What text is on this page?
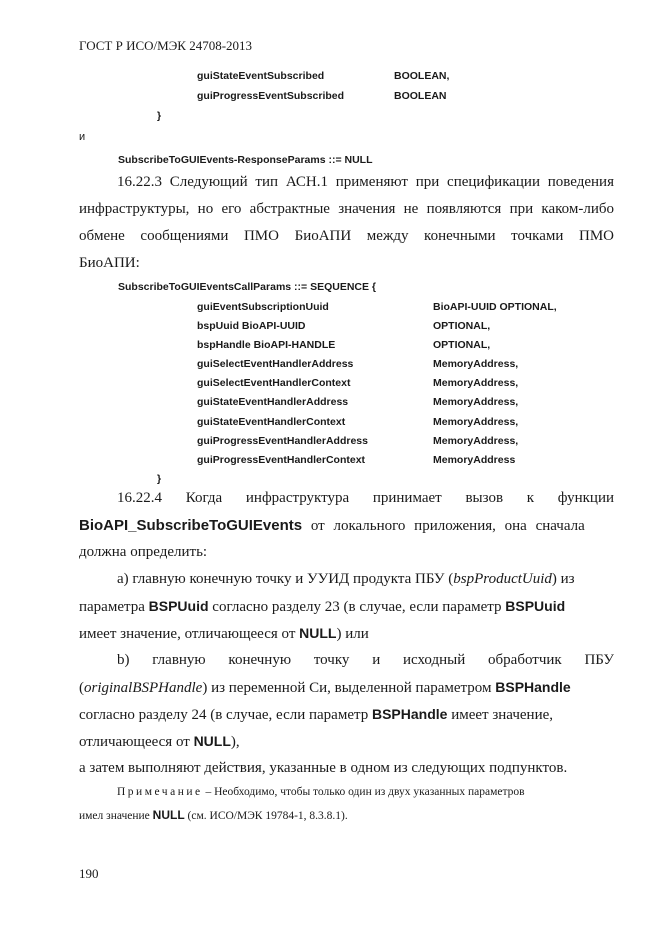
ГОСТ Р ИСО/МЭК 24708-2013
guiStateEventSubscribed	BOOLEAN,
guiProgressEventSubscribed	BOOLEAN
}
и
SubscribeToGUIEvents-ResponseParams ::= NULL
16.22.3 Следующий тип АСН.1 применяют при спецификации поведения
инфраструктуры, но его абстрактные значения не появляются при каком-либо
обмене сообщениями ПМО БиоАПИ между конечными точками ПМО
БиоАПИ:
SubscribeToGUIEventsCallParams ::= SEQUENCE {
guiEventSubscriptionUuid	BioAPI-UUID OPTIONAL,
bspUuid BioAPI-UUID	OPTIONAL,
bspHandle BioAPI-HANDLE	OPTIONAL,
guiSelectEventHandlerAddress	MemoryAddress,
guiSelectEventHandlerContext	MemoryAddress,
guiStateEventHandlerAddress	MemoryAddress,
guiStateEventHandlerContext	MemoryAddress,
guiProgressEventHandlerAddress	MemoryAddress,
guiProgressEventHandlerContext	MemoryAddress
}
16.22.4 Когда инфраструктура принимает вызов к функции
BioAPI_SubscribeToGUIEvents от локального приложения, она сначала
должна определить:
а) главную конечную точку и УУИД продукта ПБУ (bspProductUuid) из
параметра BSPUuid согласно разделу 23 (в случае, если параметр BSPUuid
имеет значение, отличающееся от NULL) или
b) главную конечную точку и исходный обработчик ПБУ
(originalBSPHandle) из переменной Си, выделенной параметром BSPHandle
согласно разделу 24 (в случае, если параметр BSPHandle имеет значение,
отличающееся от NULL),
а затем выполняют действия, указанные в одном из следующих подпунктов.
Примечание – Необходимо, чтобы только один из двух указанных параметров
имел значение NULL (см. ИСО/МЭК 19784-1, 8.3.8.1).
190
